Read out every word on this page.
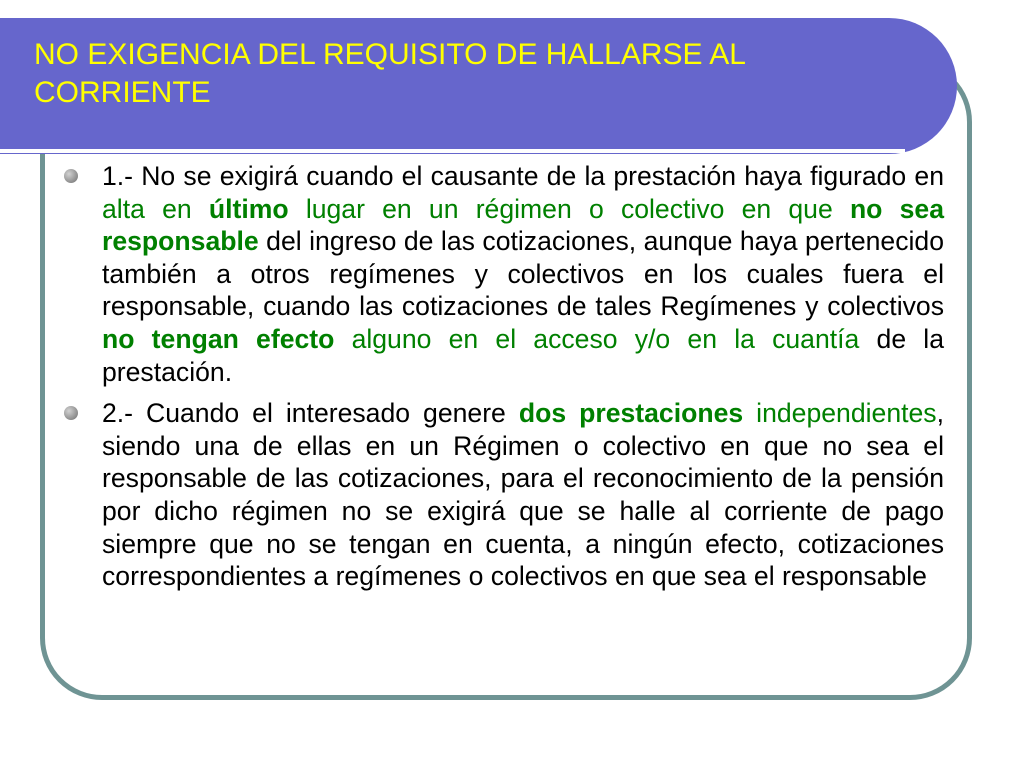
NO EXIGENCIA DEL REQUISITO DE HALLARSE AL CORRIENTE
1.- No se exigirá cuando el causante de la prestación haya figurado en alta en último lugar en un régimen o colectivo en que no sea responsable del ingreso de las cotizaciones, aunque haya pertenecido también a otros regímenes y colectivos en los cuales fuera el responsable, cuando las cotizaciones de tales Regímenes y colectivos no tengan efecto alguno en el acceso y/o en la cuantía de la prestación.
2.- Cuando el interesado genere dos prestaciones independientes, siendo una de ellas en un Régimen o colectivo en que no sea el responsable de las cotizaciones, para el reconocimiento de la pensión por dicho régimen no se exigirá que se halle al corriente de pago siempre que no se tengan en cuenta, a ningún efecto, cotizaciones correspondientes a regímenes o colectivos en que sea el responsable
